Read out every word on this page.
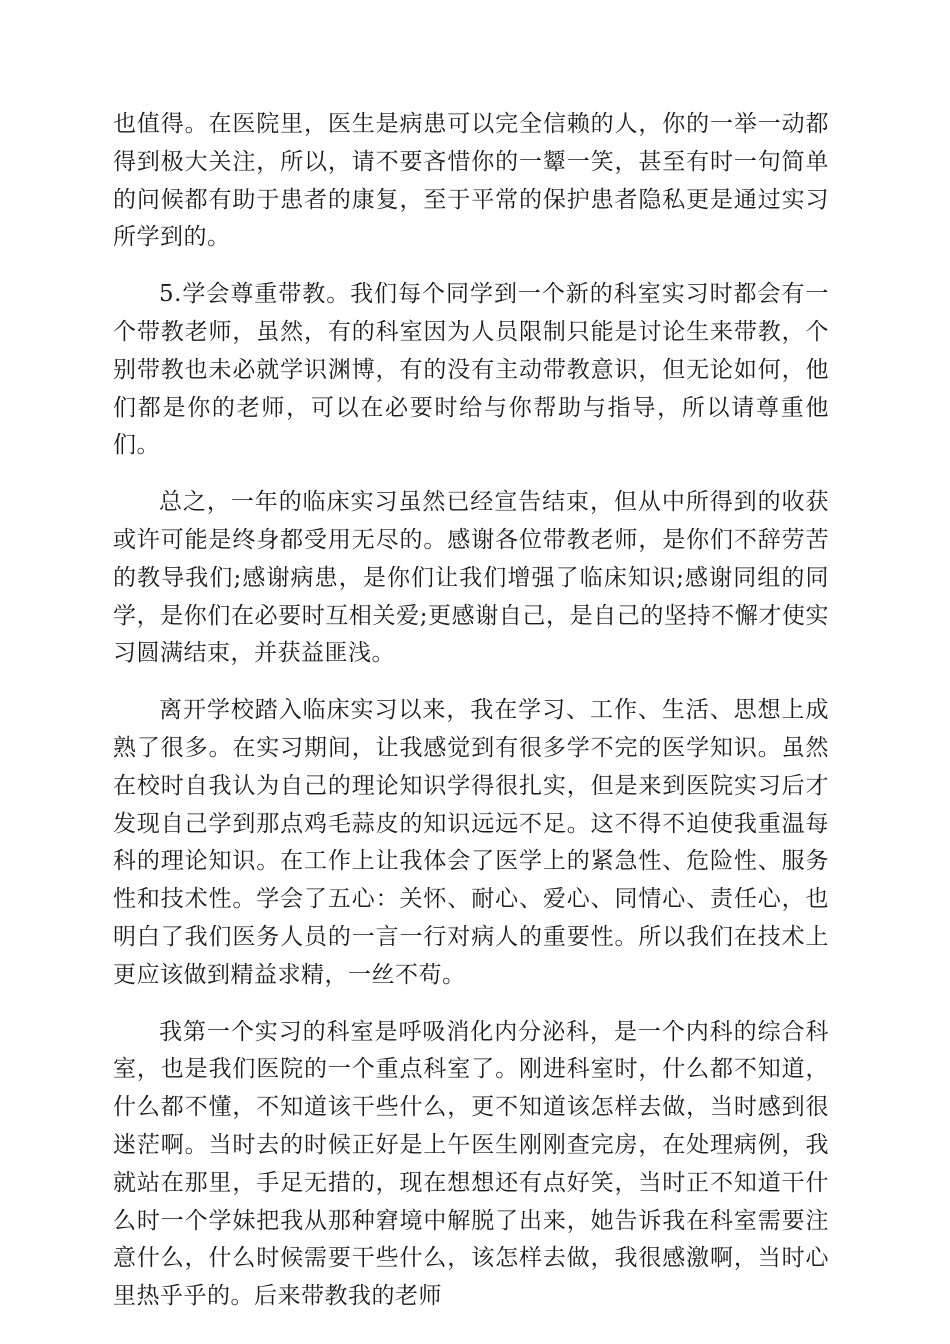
也值得。在医院里，医生是病患可以完全信赖的人，你的一举一动都得到极大关注，所以，请不要吝惜你的一颦一笑，甚至有时一句简单的问候都有助于患者的康复，至于平常的保护患者隐私更是通过实习所学到的。

5.学会尊重带教。我们每个同学到一个新的科室实习时都会有一个带教老师，虽然，有的科室因为人员限制只能是讨论生来带教，个别带教也未必就学识渊博，有的没有主动带教意识，但无论如何，他们都是你的老师，可以在必要时给与你帮助与指导，所以请尊重他们。

总之，一年的临床实习虽然已经宣告结束，但从中所得到的收获或许可能是终身都受用无尽的。感谢各位带教老师，是你们不辞劳苦的教导我们;感谢病患，是你们让我们增强了临床知识;感谢同组的同学，是你们在必要时互相关爱;更感谢自己，是自己的坚持不懈才使实习圆满结束，并获益匪浅。

离开学校踏入临床实习以来，我在学习、工作、生活、思想上成熟了很多。在实习期间，让我感觉到有很多学不完的医学知识。虽然在校时自我认为自己的理论知识学得很扎实，但是来到医院实习后才发现自己学到那点鸡毛蒜皮的知识远远不足。这不得不迫使我重温每科的理论知识。在工作上让我体会了医学上的紧急性、危险性、服务性和技术性。学会了五心：关怀、耐心、爱心、同情心、责任心，也明白了我们医务人员的一言一行对病人的重要性。所以我们在技术上更应该做到精益求精，一丝不苟。

我第一个实习的科室是呼吸消化内分泌科，是一个内科的综合科室，也是我们医院的一个重点科室了。刚进科室时，什么都不知道，什么都不懂，不知道该干些什么，更不知道该怎样去做，当时感到很迷茫啊。当时去的时候正好是上午医生刚刚查完房，在处理病例，我就站在那里，手足无措的，现在想想还有点好笑，当时正不知道干什么时一个学妹把我从那种窘境中解脱了出来，她告诉我在科室需要注意什么，什么时候需要干些什么，该怎样去做，我很感激啊，当时心里热乎乎的。后来带教我的老师
